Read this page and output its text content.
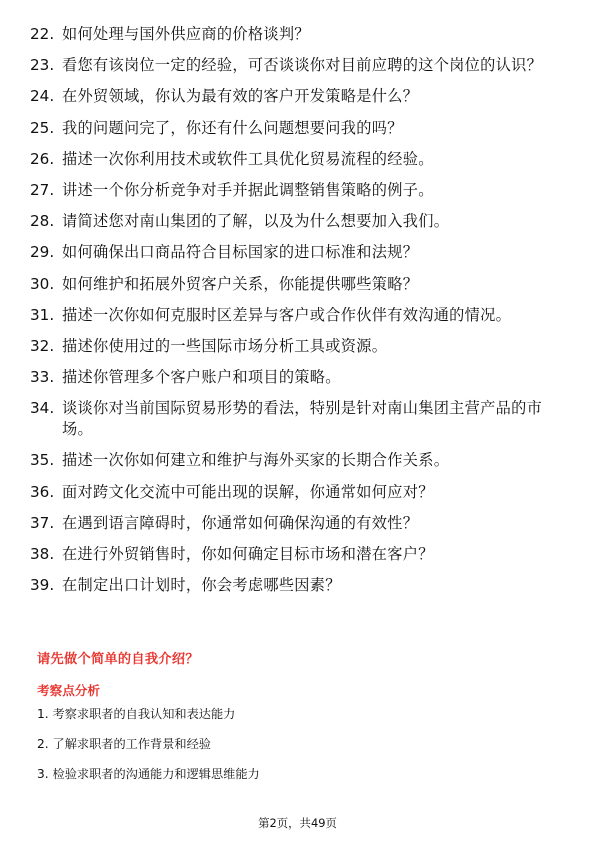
22. 如何处理与国外供应商的价格谈判？
23. 看您有该岗位一定的经验，可否谈谈你对目前应聘的这个岗位的认识？
24. 在外贸领域，你认为最有效的客户开发策略是什么？
25. 我的问题问完了，你还有什么问题想要问我的吗？
26. 描述一次你利用技术或软件工具优化贸易流程的经验。
27. 讲述一个你分析竞争对手并据此调整销售策略的例子。
28. 请简述您对南山集团的了解，以及为什么想要加入我们。
29. 如何确保出口商品符合目标国家的进口标准和法规？
30. 如何维护和拓展外贸客户关系，你能提供哪些策略？
31. 描述一次你如何克服时区差异与客户或合作伙伴有效沟通的情况。
32. 描述你使用过的一些国际市场分析工具或资源。
33. 描述你管理多个客户账户和项目的策略。
34. 谈谈你对当前国际贸易形势的看法，特别是针对南山集团主营产品的市场。
35. 描述一次你如何建立和维护与海外买家的长期合作关系。
36. 面对跨文化交流中可能出现的误解，你通常如何应对？
37. 在遇到语言障碍时，你通常如何确保沟通的有效性？
38. 在进行外贸销售时，你如何确定目标市场和潜在客户？
39. 在制定出口计划时，你会考虑哪些因素？
请先做个简单的自我介绍？
考察点分析
1. 考察求职者的自我认知和表达能力
2. 了解求职者的工作背景和经验
3. 检验求职者的沟通能力和逻辑思维能力
第2页，共49页
